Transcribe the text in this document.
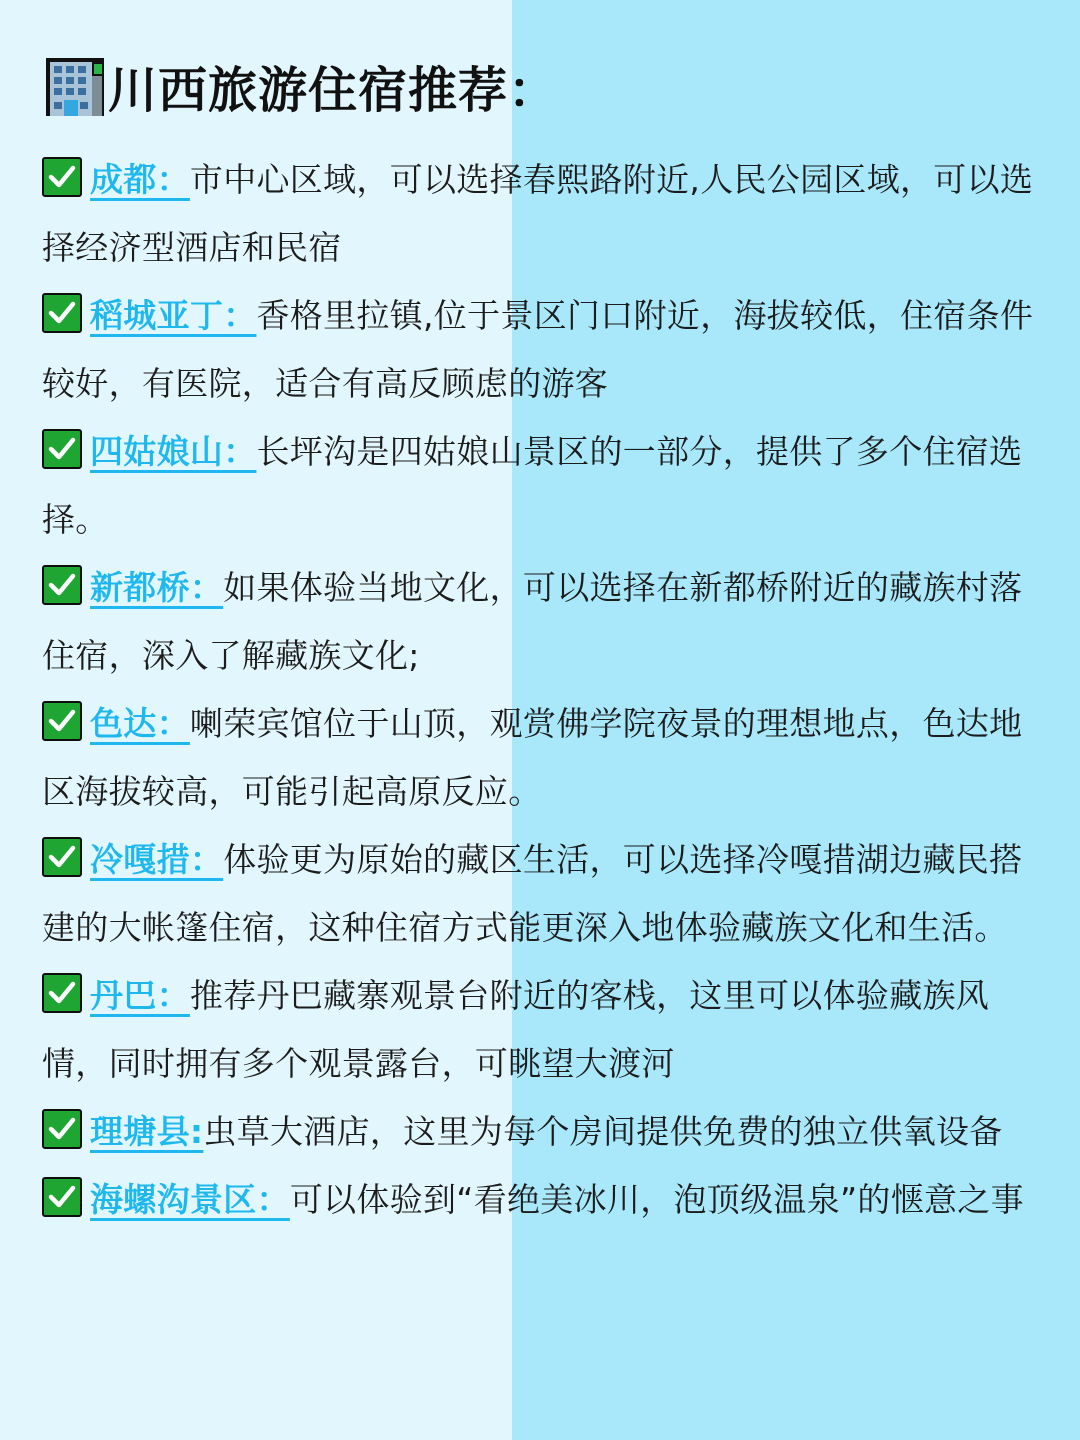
川西旅游住宿推荐：

成都：市中心区域，可以选择春熙路附近,人民公园区域，可以选择经济型酒店和民宿

稻城亚丁：香格里拉镇,位于景区门口附近，海拔较低，住宿条件较好，有医院，适合有高反顾虑的游客

四姑娘山：长坪沟是四姑娘山景区的一部分，提供了多个住宿选择。

新都桥：如果体验当地文化，可以选择在新都桥附近的藏族村落住宿，深入了解藏族文化;

色达：喇荣宾馆位于山顶，观赏佛学院夜景的理想地点，色达地区海拔较高，可能引起高原反应。

冷嘎措：体验更为原始的藏区生活，可以选择冷嘎措湖边藏民搭建的大帐篷住宿，这种住宿方式能更深入地体验藏族文化和生活。

丹巴：推荐丹巴藏寨观景台附近的客栈，这里可以体验藏族风情，同时拥有多个观景露台，可眺望大渡河

理塘县:虫草大酒店，这里为每个房间提供免费的独立供氧设备

海螺沟景区：可以体验到“看绝美冰川，泡顶级温泉”的惬意之事
